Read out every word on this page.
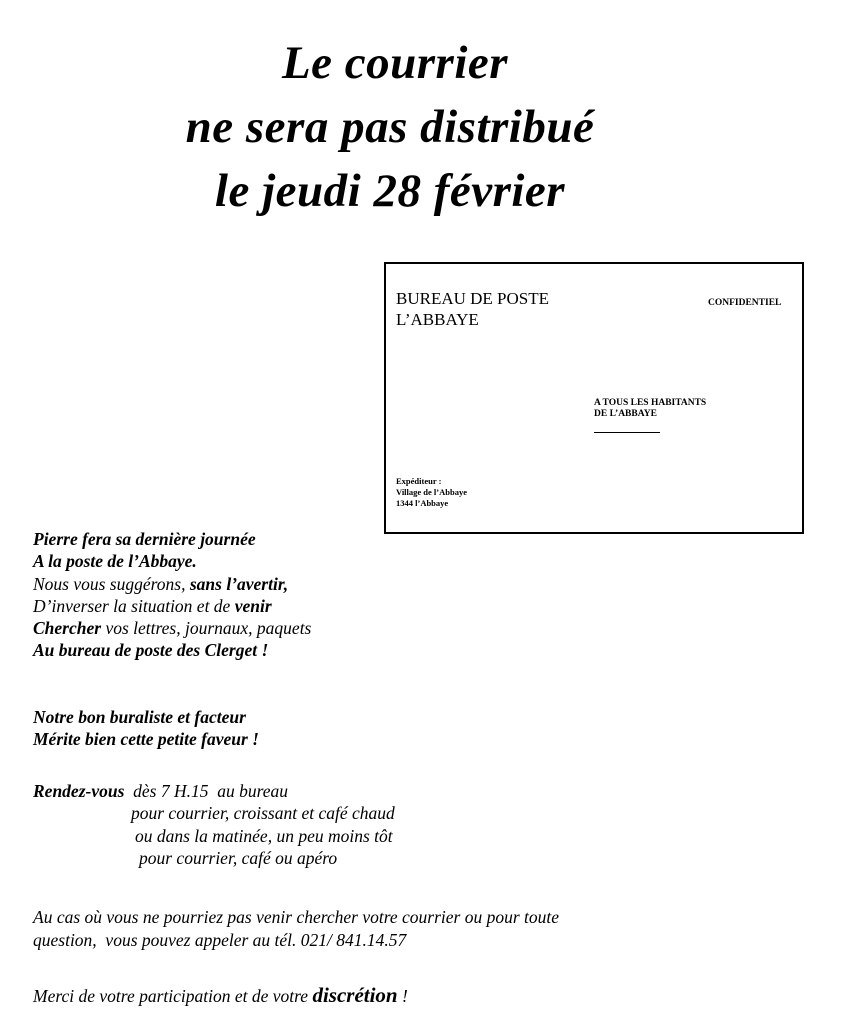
Le courrier
ne sera pas distribué
le jeudi 28 février
BUREAU DE POSTE
L’ABBAYE
CONFIDENTIEL
A TOUS LES HABITANTS
DE L’ABBAYE
Expéditeur :
Village de l’Abbaye
1344 l’Abbaye
Pierre fera sa dernière journée
A la poste de l’Abbaye.
Nous vous suggérons, sans l’avertir,
D’inverser la situation et de venir
Chercher vos lettres, journaux, paquets
Au bureau de poste des Clerget !
Notre bon buraliste et facteur
Mérite bien cette petite faveur !
Rendez-vous  dès 7 H.15  au bureau
pour courrier, croissant et café chaud
ou dans la matinée, un peu moins tôt
pour courrier, café ou apéro
Au cas où vous ne pourriez pas venir chercher votre courrier ou pour toute
question,  vous pouvez appeler au tél. 021/ 841.14.57
Merci de votre participation et de votre discrétion !
